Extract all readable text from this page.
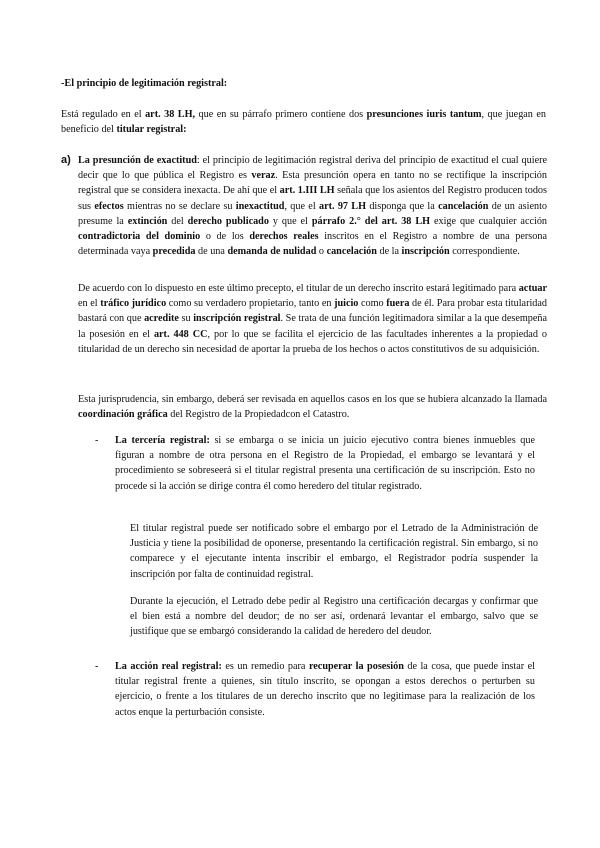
-El principio de legitimación registral:

Está regulado en el art. 38 LH, que en su párrafo primero contiene dos presunciones iuris tantum, que juegan en beneficio del titular registral:

a) La presunción de exactitud: el principio de legitimación registral deriva del principio de exactitud el cual quiere decir que lo que pública el Registro es veraz. Esta presunción opera en tanto no se rectifique la inscripción registral que se considera inexacta. De ahí que el art. 1.III LH señala que los asientos del Registro producen todos sus efectos mientras no se declare su inexactitud, que el art. 97 LH disponga que la cancelación de un asiento presume la extinción del derecho publicado y que el párrafo 2.° del art. 38 LH exige que cualquier acción contradictoria del dominio o de los derechos reales inscritos en el Registro a nombre de una persona determinada vaya precedida de una demanda de nulidad o cancelación de la inscripción correspondiente.

De acuerdo con lo dispuesto en este último precepto, el titular de un derecho inscrito estará legitimado para actuar en el tráfico jurídico como su verdadero propietario, tanto en juicio como fuera de él. Para probar esta titularidad bastará con que acredite su inscripción registral. Se trata de una función legitimadora similar a la que desempeña la posesión en el art. 448 CC, por lo que se facilita el ejercicio de las facultades inherentes a la propiedad o titularidad de un derecho sin necesidad de aportar la prueba de los hechos o actos constitutivos de su adquisición.

Esta jurisprudencia, sin embargo, deberá ser revisada en aquellos casos en los que se hubiera alcanzado la llamada coordinación gráfica del Registro de la Propiedadcon el Catastro.

- La tercería registral: si se embarga o se inicia un juicio ejecutivo contra bienes inmuebles que figuran a nombre de otra persona en el Registro de la Propiedad, el embargo se levantará y el procedimiento se sobreseerá si el titular registral presenta una certificación de su inscripción. Esto no procede si la acción se dirige contra él como heredero del titular registrado.

El titular registral puede ser notificado sobre el embargo por el Letrado de la Administración de Justicia y tiene la posibilidad de oponerse, presentando la certificación registral. Sin embargo, si no comparece y el ejecutante intenta inscribir el embargo, el Registrador podría suspender la inscripción por falta de continuidad registral.

Durante la ejecución, el Letrado debe pedir al Registro una certificación decargas y confirmar que el bien está a nombre del deudor; de no ser así, ordenará levantar el embargo, salvo que se justifique que se embargó considerando la calidad de heredero del deudor.

- La acción real registral: es un remedio para recuperar la posesión de la cosa, que puede instar el titular registral frente a quienes, sin título inscrito, se opongan a estos derechos o perturben su ejercicio, o frente a los titulares de un derecho inscrito que no legitimase para la realización de los actos enque la perturbación consiste.
